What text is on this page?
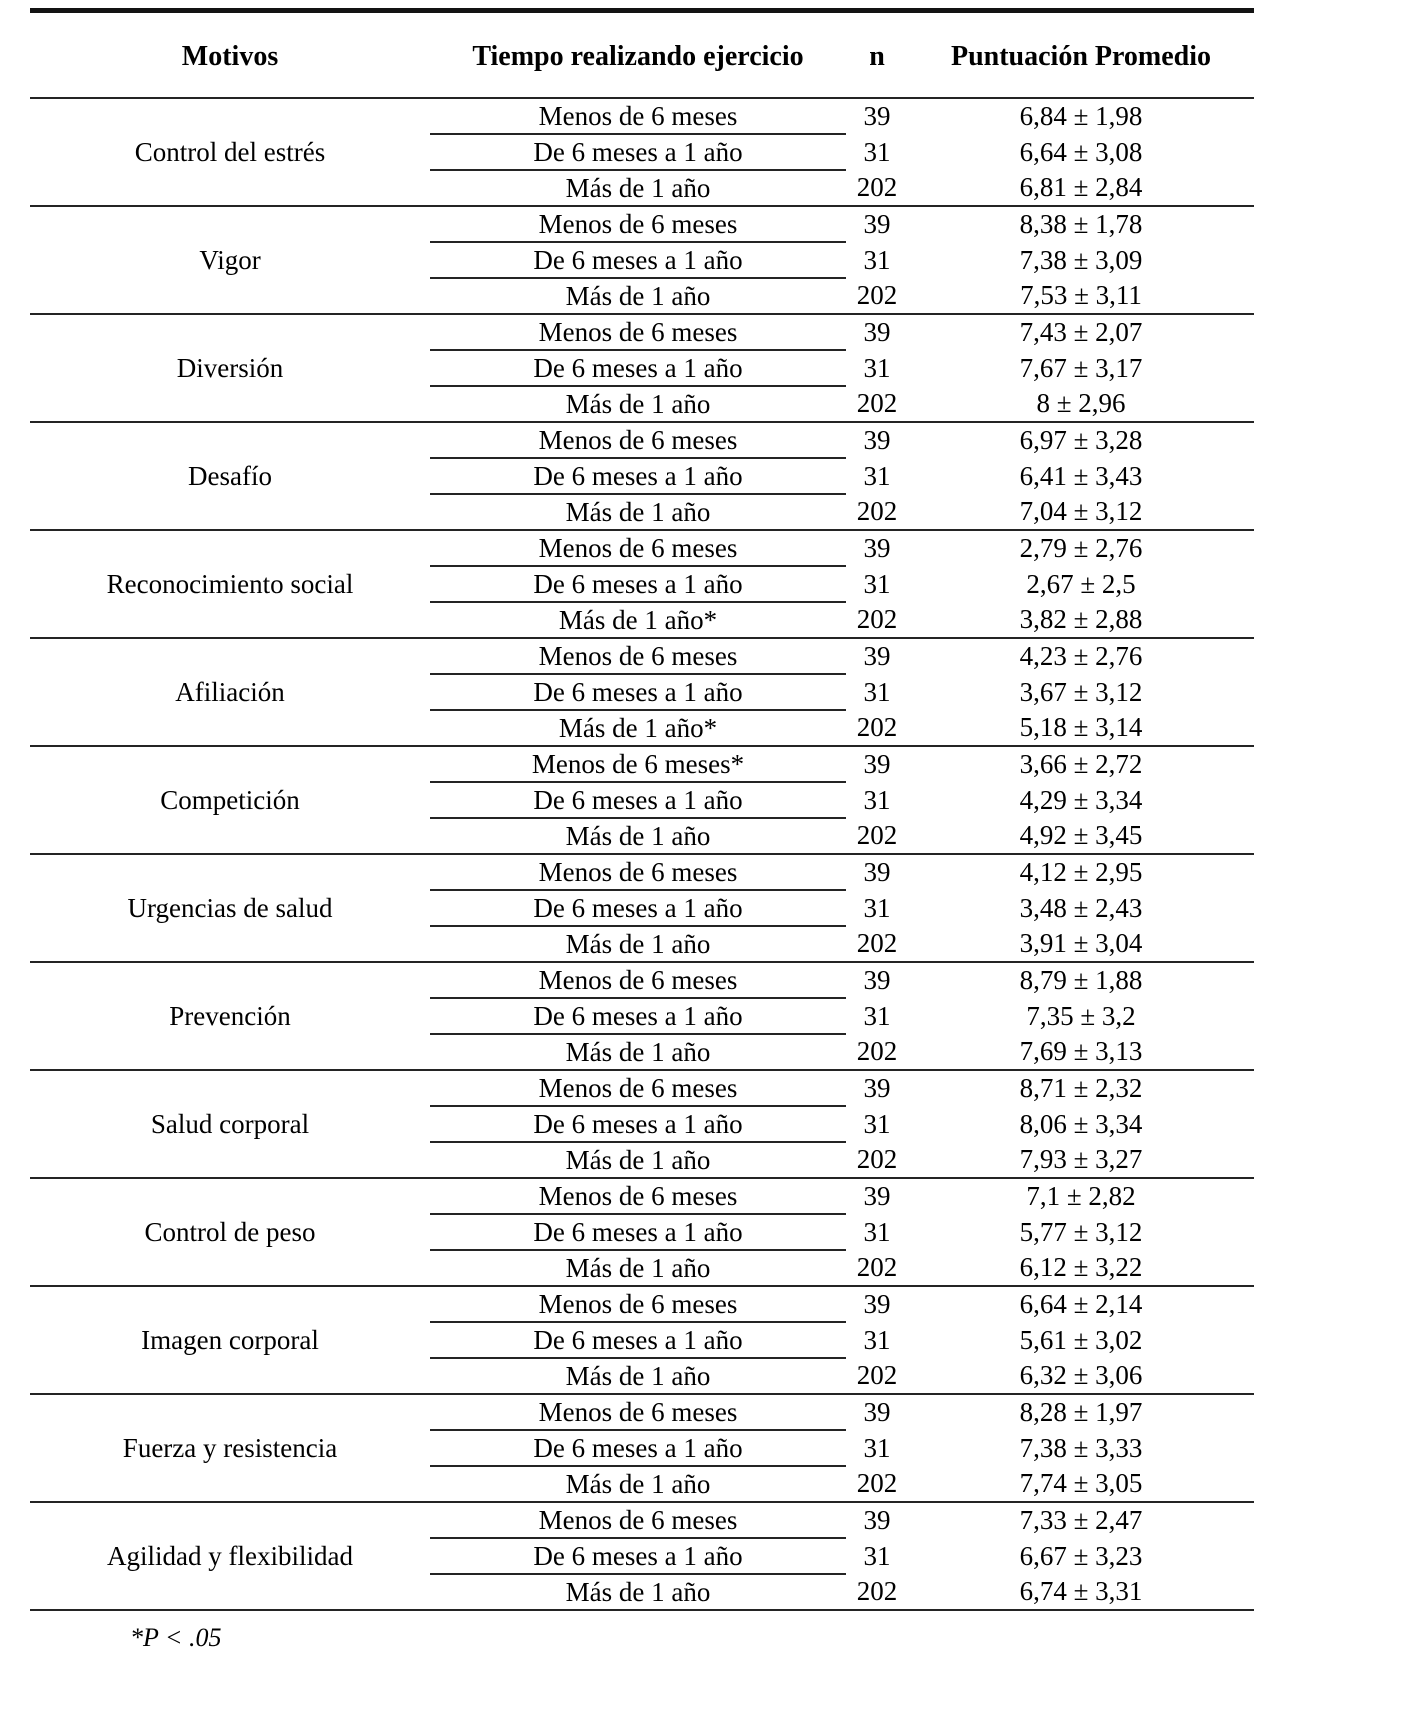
Motivos	Tiempo realizando ejercicio	n	Puntuación Promedio
Control del estrés	Menos de 6 meses	39	6,84 ± 1,98
	De 6 meses a 1 año	31	6,64 ± 3,08
	Más de 1 año	202	6,81 ± 2,84
Vigor	Menos de 6 meses	39	8,38 ± 1,78
	De 6 meses a 1 año	31	7,38 ± 3,09
	Más de 1 año	202	7,53 ± 3,11
Diversión	Menos de 6 meses	39	7,43 ± 2,07
	De 6 meses a 1 año	31	7,67 ± 3,17
	Más de 1 año	202	8 ± 2,96
Desafío	Menos de 6 meses	39	6,97 ± 3,28
	De 6 meses a 1 año	31	6,41 ± 3,43
	Más de 1 año	202	7,04 ± 3,12
Reconocimiento social	Menos de 6 meses	39	2,79 ± 2,76
	De 6 meses a 1 año	31	2,67 ± 2,5
	Más de 1 año*	202	3,82 ± 2,88
Afiliación	Menos de 6 meses	39	4,23 ± 2,76
	De 6 meses a 1 año	31	3,67 ± 3,12
	Más de 1 año*	202	5,18 ± 3,14
Competición	Menos de 6 meses*	39	3,66 ± 2,72
	De 6 meses a 1 año	31	4,29 ± 3,34
	Más de 1 año	202	4,92 ± 3,45
Urgencias de salud	Menos de 6 meses	39	4,12 ± 2,95
	De 6 meses a 1 año	31	3,48 ± 2,43
	Más de 1 año	202	3,91 ± 3,04
Prevención	Menos de 6 meses	39	8,79 ± 1,88
	De 6 meses a 1 año	31	7,35 ± 3,2
	Más de 1 año	202	7,69 ± 3,13
Salud corporal	Menos de 6 meses	39	8,71 ± 2,32
	De 6 meses a 1 año	31	8,06 ± 3,34
	Más de 1 año	202	7,93 ± 3,27
Control de peso	Menos de 6 meses	39	7,1 ± 2,82
	De 6 meses a 1 año	31	5,77 ± 3,12
	Más de 1 año	202	6,12 ± 3,22
Imagen corporal	Menos de 6 meses	39	6,64 ± 2,14
	De 6 meses a 1 año	31	5,61 ± 3,02
	Más de 1 año	202	6,32 ± 3,06
Fuerza y resistencia	Menos de 6 meses	39	8,28 ± 1,97
	De 6 meses a 1 año	31	7,38 ± 3,33
	Más de 1 año	202	7,74 ± 3,05
Agilidad y flexibilidad	Menos de 6 meses	39	7,33 ± 2,47
	De 6 meses a 1 año	31	6,67 ± 3,23
	Más de 1 año	202	6,74 ± 3,31
*P < .05
